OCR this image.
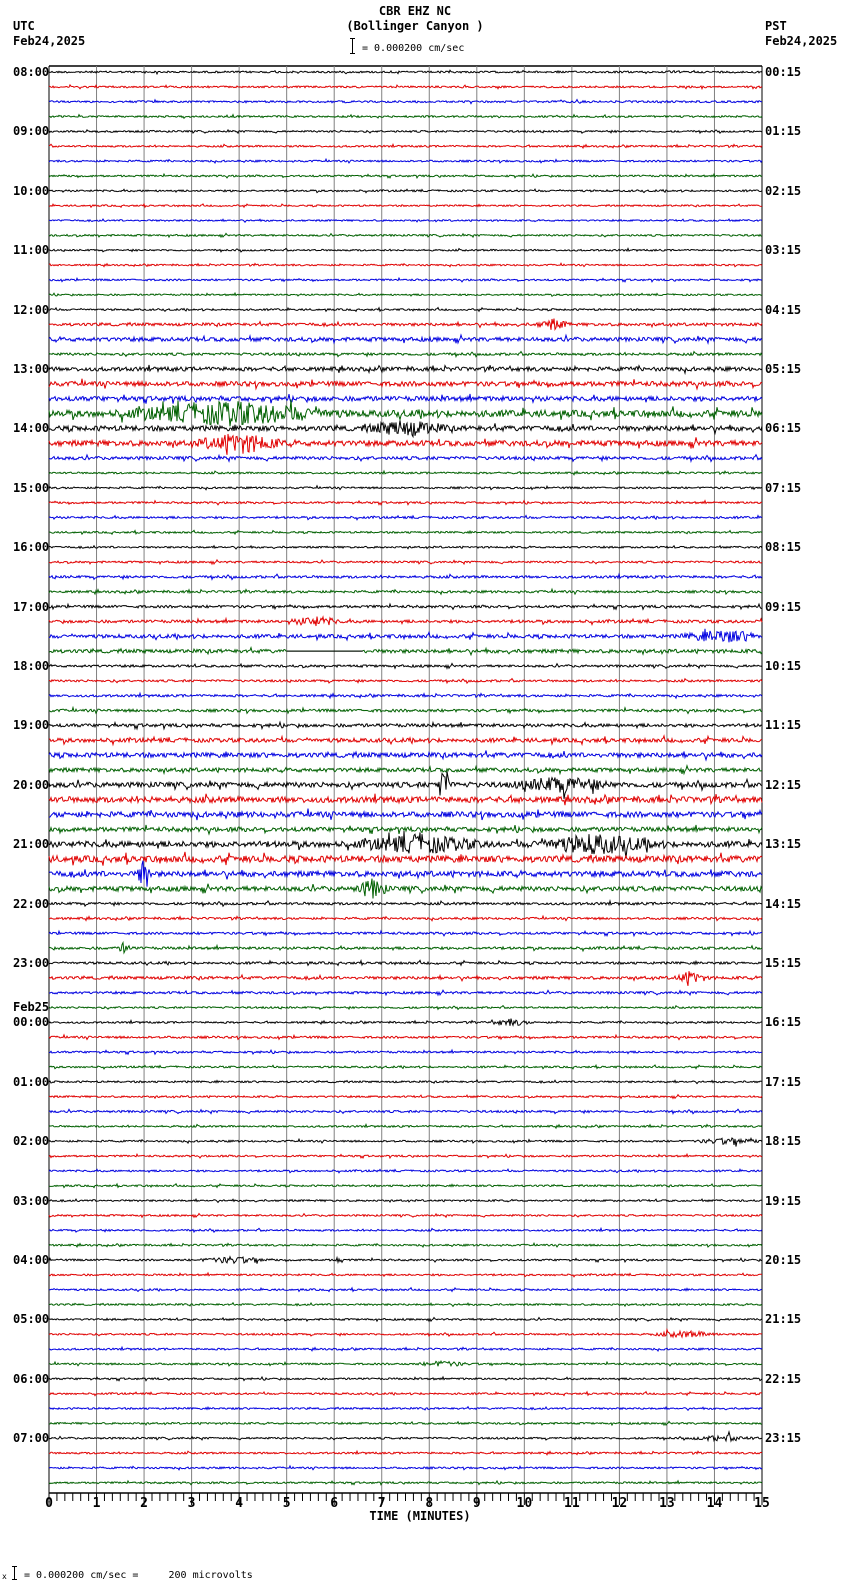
CBR EHZ NC
(Bollinger Canyon )
UTC
Feb24,2025
PST
Feb24,2025
= 0.000200 cm/sec
08:00
09:00
10:00
11:00
12:00
13:00
14:00
15:00
16:00
17:00
18:00
19:00
20:00
21:00
22:00
23:00
Feb25
00:00
01:00
02:00
03:00
04:00
05:00
06:00
07:00
00:15
01:15
02:15
03:15
04:15
05:15
06:15
07:15
08:15
09:15
10:15
11:15
12:15
13:15
14:15
15:15
16:15
17:15
18:15
19:15
20:15
21:15
22:15
23:15
0	1	2	3	4	5	6	7	8	9	10 11 12 13 14 15
TIME (MINUTES)
x = 0.000200 cm/sec =     200 microvolts
